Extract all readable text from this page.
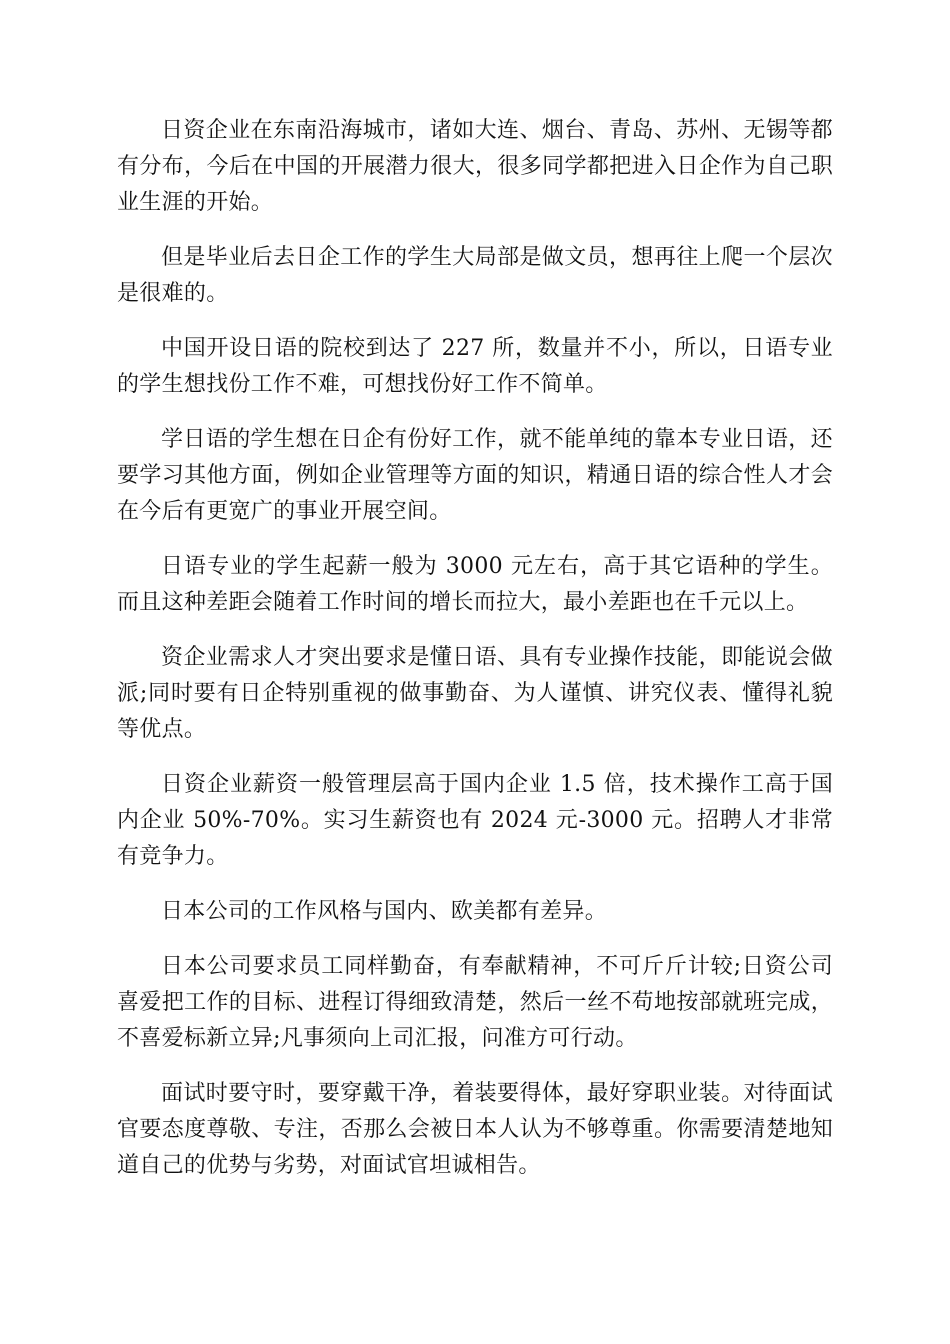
日资企业在东南沿海城市，诸如大连、烟台、青岛、苏州、无锡等都有分布，今后在中国的开展潜力很大，很多同学都把进入日企作为自己职业生涯的开始。

但是毕业后去日企工作的学生大局部是做文员，想再往上爬一个层次是很难的。

中国开设日语的院校到达了 227 所，数量并不小，所以，日语专业的学生想找份工作不难，可想找份好工作不简单。

学日语的学生想在日企有份好工作，就不能单纯的靠本专业日语，还要学习其他方面，例如企业管理等方面的知识，精通日语的综合性人才会在今后有更宽广的事业开展空间。

日语专业的学生起薪一般为 3000 元左右，高于其它语种的学生。而且这种差距会随着工作时间的增长而拉大，最小差距也在千元以上。

资企业需求人才突出要求是懂日语、具有专业操作技能，即能说会做派;同时要有日企特别重视的做事勤奋、为人谨慎、讲究仪表、懂得礼貌等优点。

日资企业薪资一般管理层高于国内企业 1.5 倍，技术操作工高于国内企业 50%-70%。实习生薪资也有 2024 元-3000 元。招聘人才非常有竞争力。

日本公司的工作风格与国内、欧美都有差异。

日本公司要求员工同样勤奋，有奉献精神，不可斤斤计较;日资公司喜爱把工作的目标、进程订得细致清楚，然后一丝不苟地按部就班完成，不喜爱标新立异;凡事须向上司汇报，问准方可行动。

面试时要守时，要穿戴干净，着装要得体，最好穿职业装。对待面试官要态度尊敬、专注，否那么会被日本人认为不够尊重。你需要清楚地知道自己的优势与劣势，对面试官坦诚相告。
